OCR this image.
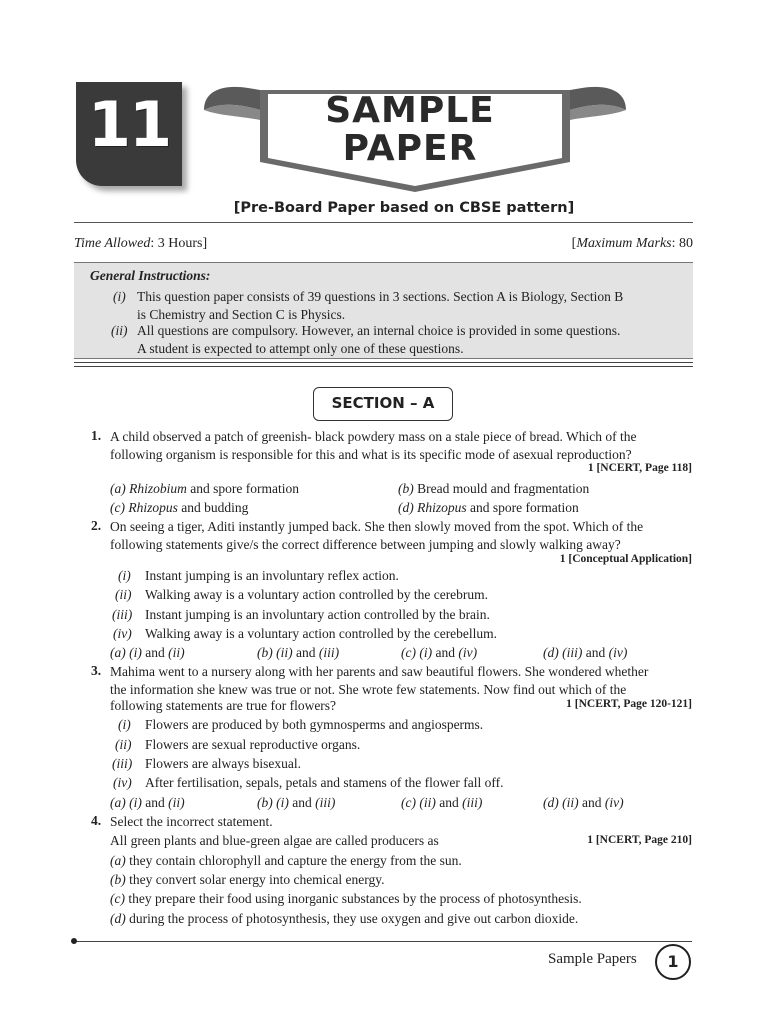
11	SAMPLE
PAPER
[Pre-Board Paper based on CBSE pattern]
Time Allowed: 3 Hours]	[Maximum Marks: 80
General Instructions:
(i) This question paper consists of 39 questions in 3 sections. Section A is Biology, Section B
is Chemistry and Section C is Physics.
(ii) All questions are compulsory. However, an internal choice is provided in some questions.
A student is expected to attempt only one of these questions.
SECTION – A
1. A child observed a patch of greenish- black powdery mass on a stale piece of bread. Which of the
following organism is responsible for this and what is its specific mode of asexual reproduction?
1 [NCERT, Page 118]
(a) Rhizobium and spore formation	(b) Bread mould and fragmentation
(c) Rhizopus and budding	(d) Rhizopus and spore formation
2. On seeing a tiger, Aditi instantly jumped back. She then slowly moved from the spot. Which of the
following statements give/s the correct difference between jumping and slowly walking away?
1 [Conceptual Application]
(i) Instant jumping is an involuntary reflex action.
(ii) Walking away is a voluntary action controlled by the cerebrum.
(iii) Instant jumping is an involuntary action controlled by the brain.
(iv) Walking away is a voluntary action controlled by the cerebellum.
(a) (i) and (ii)	(b) (ii) and (iii)	(c) (i) and (iv)	(d) (iii) and (iv)
3. Mahima went to a nursery along with her parents and saw beautiful flowers. She wondered whether
the information she knew was true or not. She wrote few statements. Now find out which of the
following statements are true for flowers?	1 [NCERT, Page 120-121]
(i) Flowers are produced by both gymnosperms and angiosperms.
(ii) Flowers are sexual reproductive organs.
(iii) Flowers are always bisexual.
(iv) After fertilisation, sepals, petals and stamens of the flower fall off.
(a) (i) and (ii)	(b) (i) and (iii)	(c) (ii) and (iii)	(d) (ii) and (iv)
4. Select the incorrect statement.
All green plants and blue-green algae are called producers as	1 [NCERT, Page 210]
(a) they contain chlorophyll and capture the energy from the sun.
(b) they convert solar energy into chemical energy.
(c) they prepare their food using inorganic substances by the process of photosynthesis.
(d) during the process of photosynthesis, they use oxygen and give out carbon dioxide.
Sample Papers	1
